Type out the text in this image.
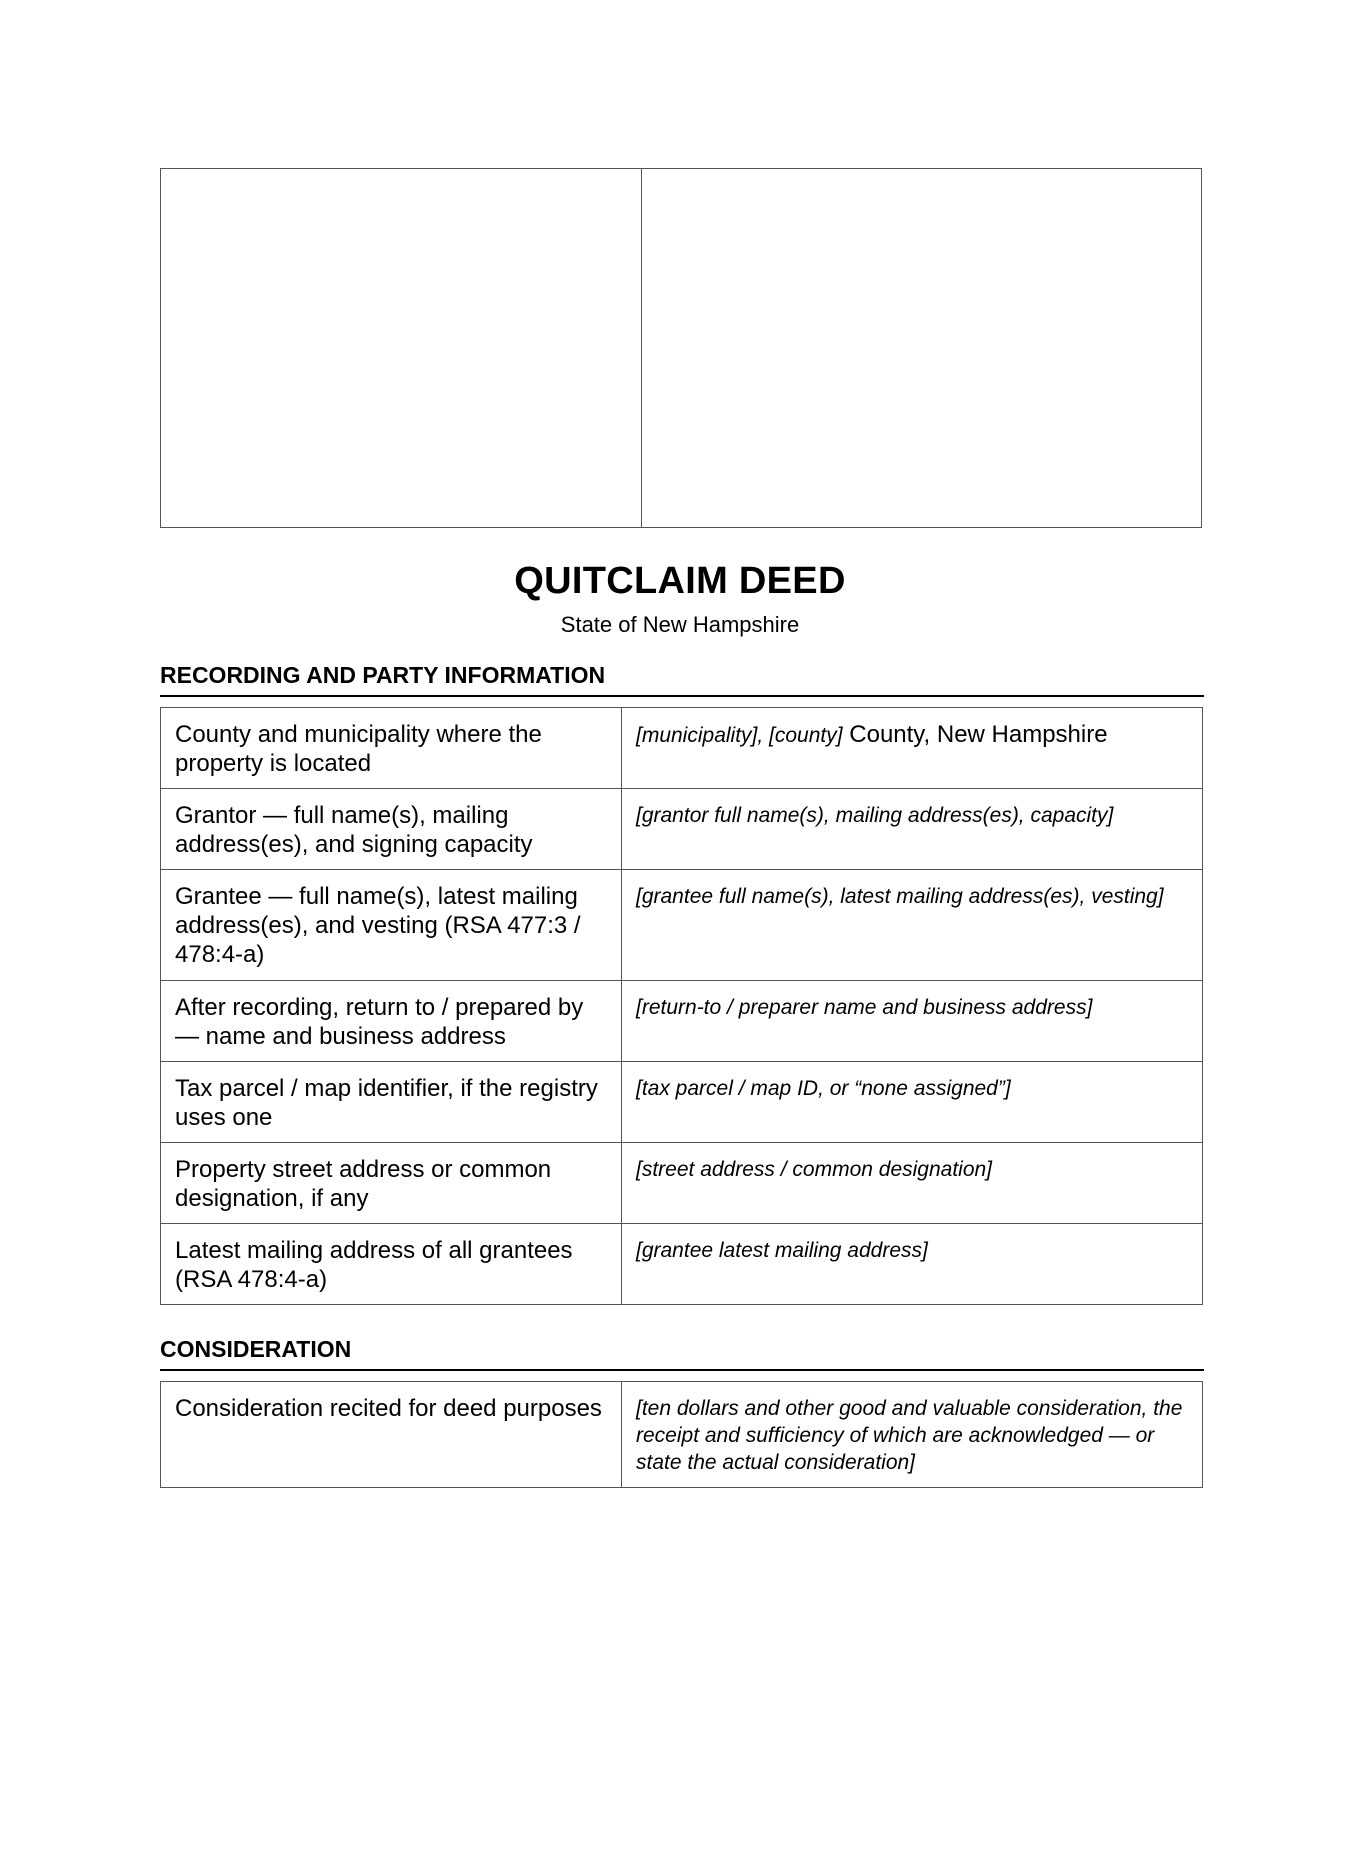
QUITCLAIM DEED
State of New Hampshire
RECORDING AND PARTY INFORMATION
County and municipality where the property is located	[municipality], [county] County, New Hampshire
Grantor — full name(s), mailing address(es), and signing capacity	[grantor full name(s), mailing address(es), capacity]
Grantee — full name(s), latest mailing address(es), and vesting (RSA 477:3 / 478:4-a)	[grantee full name(s), latest mailing address(es), vesting]
After recording, return to / prepared by — name and business address	[return-to / preparer name and business address]
Tax parcel / map identifier, if the registry uses one	[tax parcel / map ID, or “none assigned”]
Property street address or common designation, if any	[street address / common designation]
Latest mailing address of all grantees (RSA 478:4-a)	[grantee latest mailing address]
CONSIDERATION
Consideration recited for deed purposes	[ten dollars and other good and valuable consideration, the receipt and sufficiency of which are acknowledged — or state the actual consideration]
